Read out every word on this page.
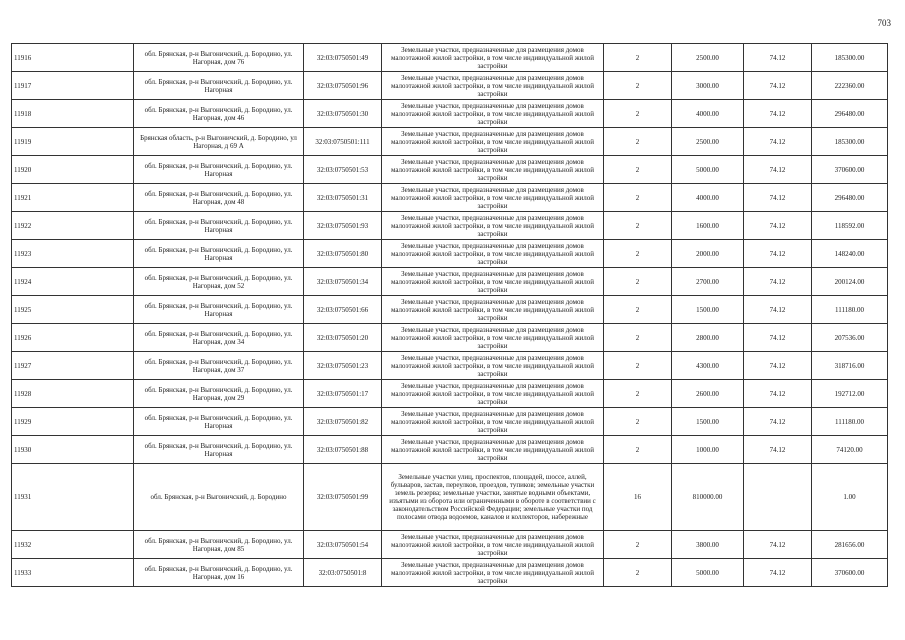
703
11916	обл. Брянская, р-н Выгоничский, д. Бородино, ул. Нагорная, дом 76	32:03:0750501:49	Земельные участки, предназначенные для размещения домов малоэтажной жилой застройки, в том числе индивидуальной жилой застройки	2	2500.00	74.12	185300.00
11917	обл. Брянская, р-н Выгоничский, д. Бородино, ул. Нагорная	32:03:0750501:96	Земельные участки, предназначенные для размещения домов малоэтажной жилой застройки, в том числе индивидуальной жилой застройки	2	3000.00	74.12	222360.00
11918	обл. Брянская, р-н Выгоничский, д. Бородино, ул. Нагорная, дом 46	32:03:0750501:30	Земельные участки, предназначенные для размещения домов малоэтажной жилой застройки, в том числе индивидуальной жилой застройки	2	4000.00	74.12	296480.00
11919	Брянская область, р-н Выгоничский, д. Бородино, ул Нагорная, д 69 А	32:03:0750501:111	Земельные участки, предназначенные для размещения домов малоэтажной жилой застройки, в том числе индивидуальной жилой застройки	2	2500.00	74.12	185300.00
11920	обл. Брянская, р-н Выгоничский, д. Бородино, ул. Нагорная	32:03:0750501:53	Земельные участки, предназначенные для размещения домов малоэтажной жилой застройки, в том числе индивидуальной жилой застройки	2	5000.00	74.12	370600.00
11921	обл. Брянская, р-н Выгоничский, д. Бородино, ул. Нагорная, дом 48	32:03:0750501:31	Земельные участки, предназначенные для размещения домов малоэтажной жилой застройки, в том числе индивидуальной жилой застройки	2	4000.00	74.12	296480.00
11922	обл. Брянская, р-н Выгоничский, д. Бородино, ул. Нагорная	32:03:0750501:93	Земельные участки, предназначенные для размещения домов малоэтажной жилой застройки, в том числе индивидуальной жилой застройки	2	1600.00	74.12	118592.00
11923	обл. Брянская, р-н Выгоничский, д. Бородино, ул. Нагорная	32:03:0750501:80	Земельные участки, предназначенные для размещения домов малоэтажной жилой застройки, в том числе индивидуальной жилой застройки	2	2000.00	74.12	148240.00
11924	обл. Брянская, р-н Выгоничский, д. Бородино, ул. Нагорная, дом 52	32:03:0750501:34	Земельные участки, предназначенные для размещения домов малоэтажной жилой застройки, в том числе индивидуальной жилой застройки	2	2700.00	74.12	200124.00
11925	обл. Брянская, р-н Выгоничский, д. Бородино, ул. Нагорная	32:03:0750501:66	Земельные участки, предназначенные для размещения домов малоэтажной жилой застройки, в том числе индивидуальной жилой застройки	2	1500.00	74.12	111180.00
11926	обл. Брянская, р-н Выгоничский, д. Бородино, ул. Нагорная, дом 34	32:03:0750501:20	Земельные участки, предназначенные для размещения домов малоэтажной жилой застройки, в том числе индивидуальной жилой застройки	2	2800.00	74.12	207536.00
11927	обл. Брянская, р-н Выгоничский, д. Бородино, ул. Нагорная, дом 37	32:03:0750501:23	Земельные участки, предназначенные для размещения домов малоэтажной жилой застройки, в том числе индивидуальной жилой застройки	2	4300.00	74.12	318716.00
11928	обл. Брянская, р-н Выгоничский, д. Бородино, ул. Нагорная, дом 29	32:03:0750501:17	Земельные участки, предназначенные для размещения домов малоэтажной жилой застройки, в том числе индивидуальной жилой застройки	2	2600.00	74.12	192712.00
11929	обл. Брянская, р-н Выгоничский, д. Бородино, ул. Нагорная	32:03:0750501:82	Земельные участки, предназначенные для размещения домов малоэтажной жилой застройки, в том числе индивидуальной жилой застройки	2	1500.00	74.12	111180.00
11930	обл. Брянская, р-н Выгоничский, д. Бородино, ул. Нагорная	32:03:0750501:88	Земельные участки, предназначенные для размещения домов малоэтажной жилой застройки, в том числе индивидуальной жилой застройки	2	1000.00	74.12	74120.00
11931	обл. Брянская, р-н Выгоничский, д. Бородино	32:03:0750501:99	Земельные участки улиц, проспектов, площадей, шоссе, аллей, бульваров, застав, переулков, проездов, тупиков; земельные участки земель резерва; земельные участки, занятые водными объектами, изъятыми из оборота или ограниченными в обороте в соответствии с законодательством Российской Федерации; земельные участки под полосами отвода водоемов, каналов и коллекторов, набережные	16	810000.00		1.00
11932	обл. Брянская, р-н Выгоничский, д. Бородино, ул. Нагорная, дом 85	32:03:0750501:54	Земельные участки, предназначенные для размещения домов малоэтажной жилой застройки, в том числе индивидуальной жилой застройки	2	3800.00	74.12	281656.00
11933	обл. Брянская, р-н Выгоничский, д. Бородино, ул. Нагорная, дом 16	32:03:0750501:8	Земельные участки, предназначенные для размещения домов малоэтажной жилой застройки, в том числе индивидуальной жилой застройки	2	5000.00	74.12	370600.00
